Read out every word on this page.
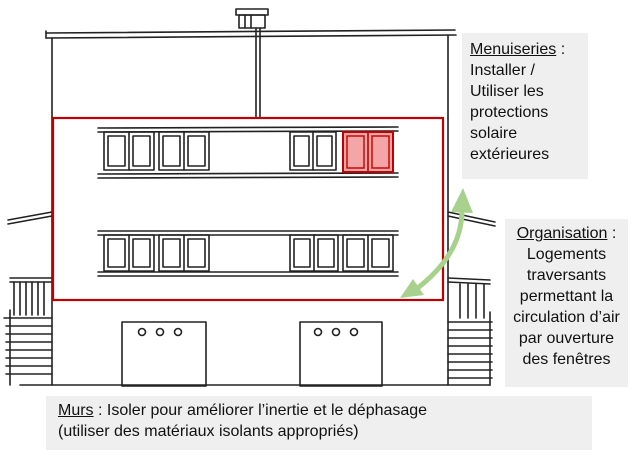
Menuiseries :
Installer /
Utiliser les
protections
solaire
extérieures
Organisation :
Logements
traversants
permettant la
circulation d’air
par ouverture
des fenêtres
Murs : Isoler pour améliorer l’inertie et le déphasage
(utiliser des matériaux isolants appropriés)
